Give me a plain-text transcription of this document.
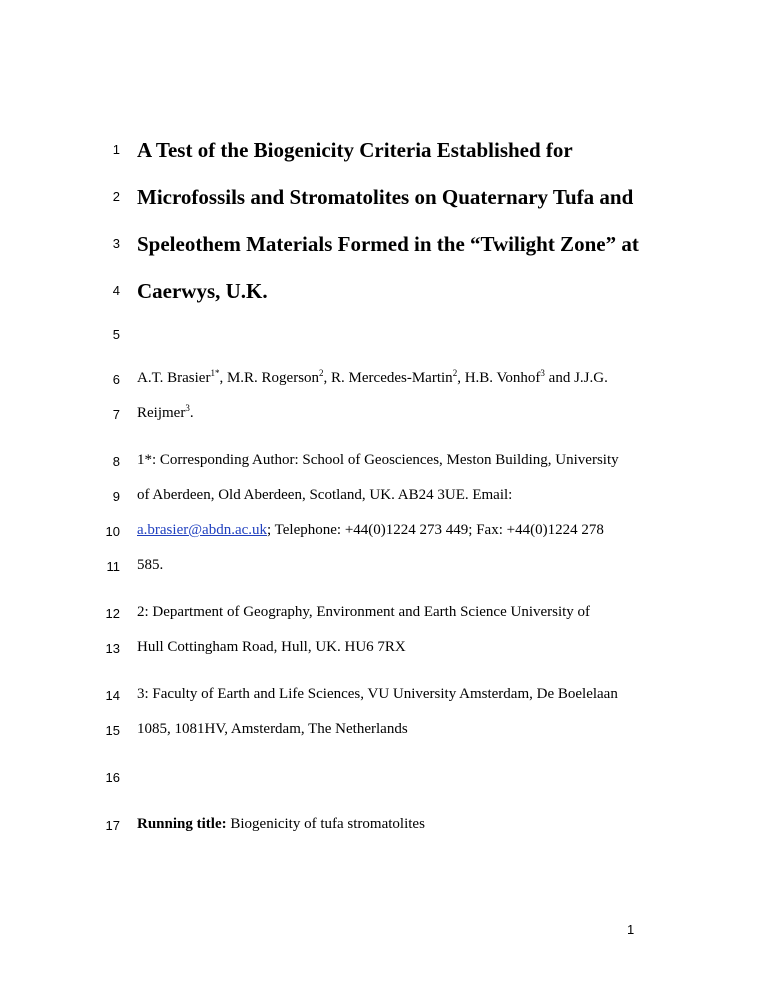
1
2
3
4
5
6
7
8
9
10
11
12
13
14
15
16
17
A Test of the Biogenicity Criteria Established for
Microfossils and Stromatolites on Quaternary Tufa and
Speleothem Materials Formed in the “Twilight Zone” at
Caerwys, U.K.
A.T. Brasier$^{1*}$, M.R. Rogerson$^2$, R. Mercedes-Martin$^2$, H.B. Vonhof$^3$ and J.J.G.
Reijmer$^3$.
1*: Corresponding Author: School of Geosciences, Meston Building, University
of Aberdeen, Old Aberdeen, Scotland, UK. AB24 3UE. Email:
a.brasier@abdn.ac.uk; Telephone: +44(0)1224 273 449; Fax: +44(0)1224 278
585.
2: Department of Geography, Environment and Earth Science University of
Hull Cottingham Road, Hull, UK. HU6 7RX
3: Faculty of Earth and Life Sciences, VU University Amsterdam, De Boelelaan
1085, 1081HV, Amsterdam, The Netherlands
Running title: Biogenicity of tufa stromatolites
1
